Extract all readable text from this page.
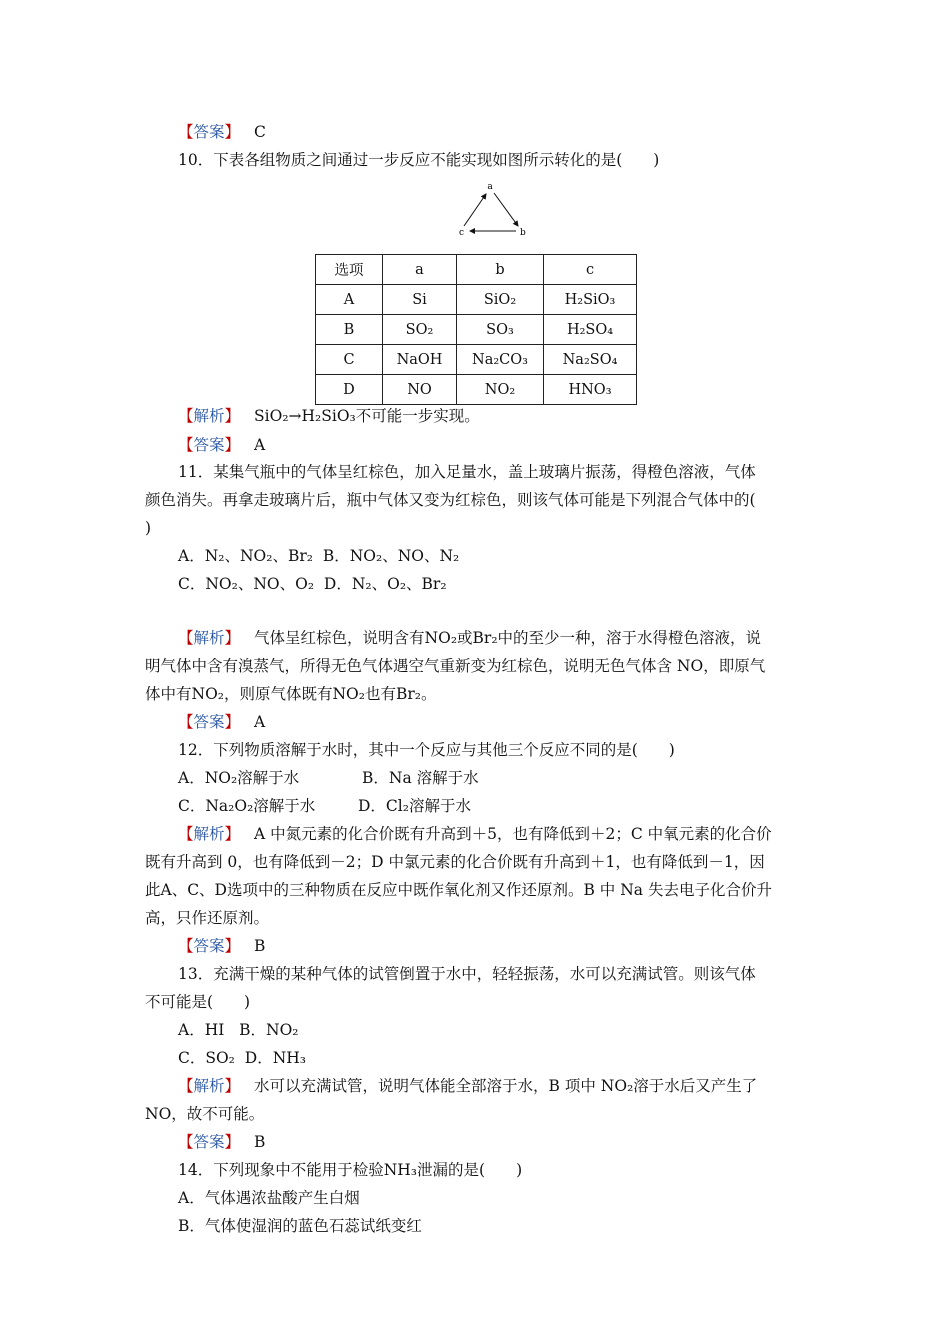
【答案】 C
10．下表各组物质之间通过一步反应不能实现如图所示转化的是(　　)
a
b
c
选项	a	b	c
A	Si	SiO₂	H₂SiO₃
B	SO₂	SO₃	H₂SO₄
C	NaOH	Na₂CO₃	Na₂SO₄
D	NO	NO₂	HNO₃
【解析】 SiO₂→H₂SiO₃不可能一步实现。
【答案】 A
11．某集气瓶中的气体呈红棕色，加入足量水，盖上玻璃片振荡，得橙色溶液，气体
颜色消失。再拿走玻璃片后，瓶中气体又变为红棕色，则该气体可能是下列混合气体中的(
)
A．N₂、NO₂、Br₂ B．NO₂、NO、N₂
C．NO₂、NO、O₂ D．N₂、O₂、Br₂
【解析】 气体呈红棕色，说明含有NO₂或Br₂中的至少一种，溶于水得橙色溶液，说
明气体中含有溴蒸气，所得无色气体遇空气重新变为红棕色，说明无色气体含 NO，即原气
体中有NO₂，则原气体既有NO₂也有Br₂。
【答案】 A
12．下列物质溶解于水时，其中一个反应与其他三个反应不同的是(　　)
A．NO₂溶解于水	B．Na 溶解于水
C．Na₂O₂溶解于水	D．Cl₂溶解于水
【解析】 A 中氮元素的化合价既有升高到＋5，也有降低到＋2；C 中氧元素的化合价
既有升高到 0，也有降低到－2；D 中氯元素的化合价既有升高到＋1，也有降低到－1，因
此A、C、D选项中的三种物质在反应中既作氧化剂又作还原剂。B 中 Na 失去电子化合价升
高，只作还原剂。
【答案】 B
13．充满干燥的某种气体的试管倒置于水中，轻轻振荡，水可以充满试管。则该气体
不可能是(　　)
A．HI B．NO₂
C．SO₂ D．NH₃
【解析】 水可以充满试管，说明气体能全部溶于水，B 项中 NO₂溶于水后又产生了
NO，故不可能。
【答案】 B
14．下列现象中不能用于检验NH₃泄漏的是(　　)
A．气体遇浓盐酸产生白烟
B．气体使湿润的蓝色石蕊试纸变红
